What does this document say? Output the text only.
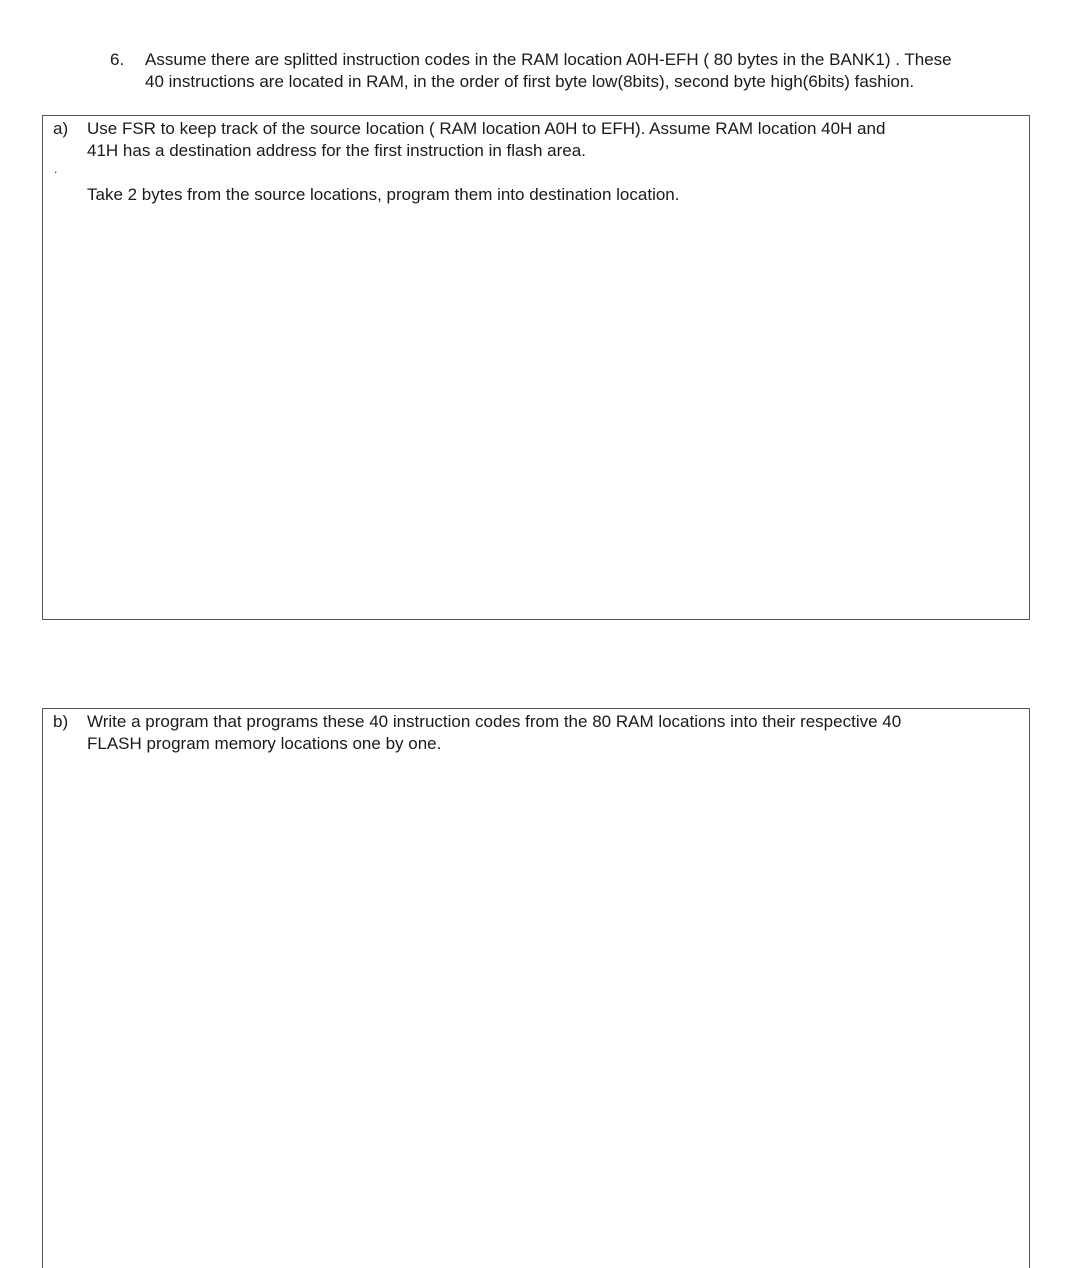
6. Assume there are splitted instruction codes in the RAM location A0H-EFH ( 80 bytes in the BANK1) . These
40 instructions are located in RAM, in the order of first byte low(8bits), second byte high(6bits) fashion.
a) Use FSR to keep track of the source location ( RAM location A0H to EFH). Assume RAM location 40H and
41H has a destination address for the first instruction in flash area.
.
Take 2 bytes from the source locations, program them into destination location.
b) Write a program that programs these 40 instruction codes from the 80 RAM locations into their respective 40
FLASH program memory locations one by one.
